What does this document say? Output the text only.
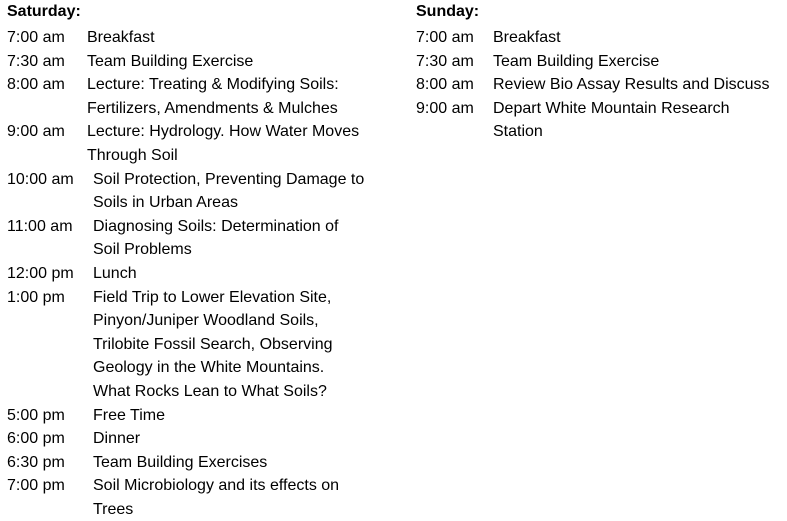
Saturday:
7:00 am	Breakfast
7:30 am	Team Building Exercise
8:00 am	Lecture: Treating & Modifying Soils:
Fertilizers, Amendments & Mulches
9:00 am	Lecture: Hydrology. How Water Moves
Through Soil
10:00 am	Soil Protection, Preventing Damage to
Soils in Urban Areas
11:00 am	Diagnosing Soils: Determination of
Soil Problems
12:00 pm	Lunch
1:00 pm	Field Trip to Lower Elevation Site,
Pinyon/Juniper Woodland Soils,
Trilobite Fossil Search, Observing
Geology in the White Mountains.
What Rocks Lean to What Soils?
5:00 pm	Free Time
6:00 pm	Dinner
6:30 pm	Team Building Exercises
7:00 pm	Soil Microbiology and its effects on
Trees
Sunday:
7:00 am	Breakfast
7:30 am	Team Building Exercise
8:00 am	Review Bio Assay Results and Discuss
9:00 am	Depart White Mountain Research
Station
